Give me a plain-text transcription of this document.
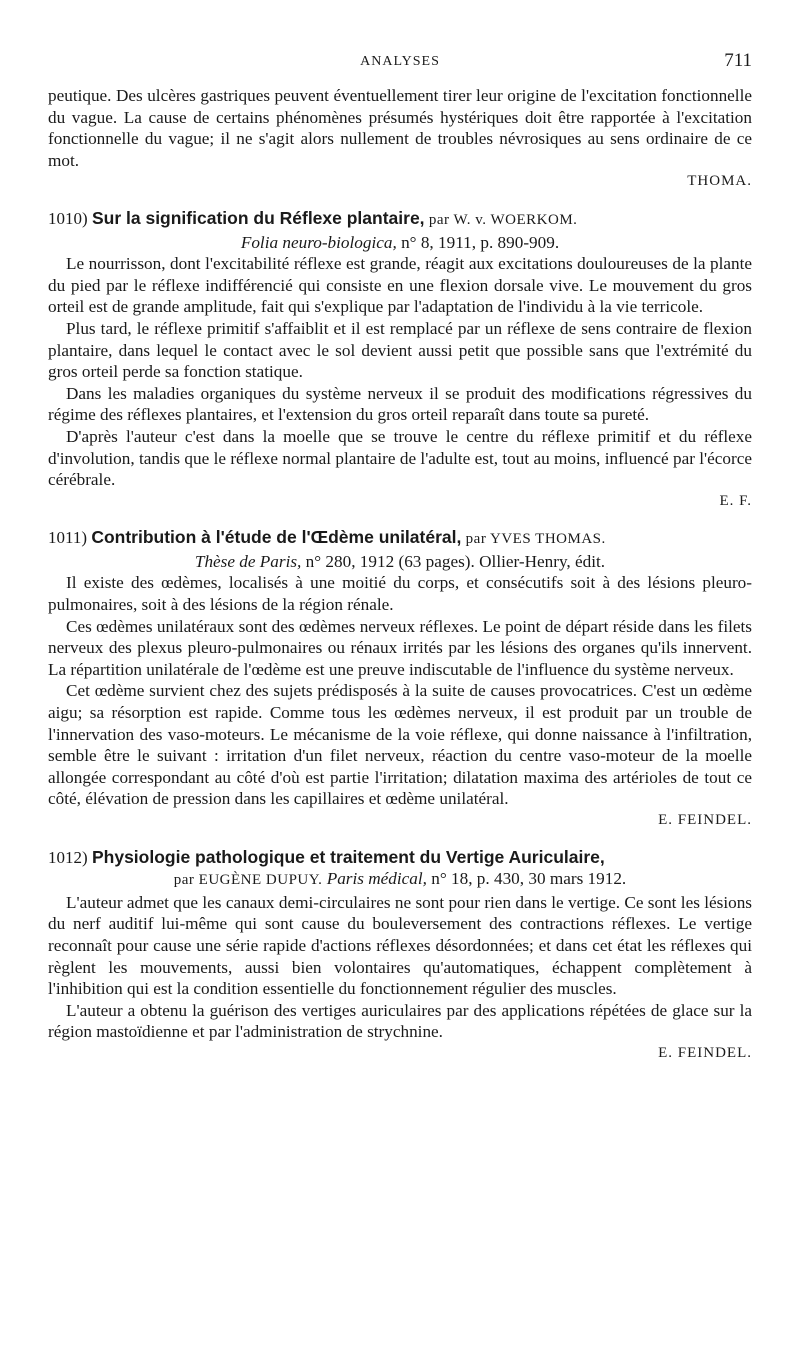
ANALYSES	711

peutique. Des ulcères gastriques peuvent éventuellement tirer leur origine de l'excitation fonctionnelle du vague. La cause de certains phénomènes présumés hystériques doit être rapportée à l'excitation fonctionnelle du vague; il ne s'agit alors nullement de troubles névrosiques au sens ordinaire de ce mot.

THOMA.

1010) Sur la signification du Réflexe plantaire, par W. v. WOERKOM.

Folia neuro-biologica, n° 8, 1911, p. 890-909.

Le nourrisson, dont l'excitabilité réflexe est grande, réagit aux excitations douloureuses de la plante du pied par le réflexe indifférencié qui consiste en une flexion dorsale vive. Le mouvement du gros orteil est de grande amplitude, fait qui s'explique par l'adaptation de l'individu à la vie terricole.

Plus tard, le réflexe primitif s'affaiblit et il est remplacé par un réflexe de sens contraire de flexion plantaire, dans lequel le contact avec le sol devient aussi petit que possible sans que l'extrémité du gros orteil perde sa fonction statique.

Dans les maladies organiques du système nerveux il se produit des modifications régressives du régime des réflexes plantaires, et l'extension du gros orteil reparaît dans toute sa pureté.

D'après l'auteur c'est dans la moelle que se trouve le centre du réflexe primitif et du réflexe d'involution, tandis que le réflexe normal plantaire de l'adulte est, tout au moins, influencé par l'écorce cérébrale.

E. F.

1011) Contribution à l'étude de l'Œdème unilatéral, par YVES THOMAS.

Thèse de Paris, n° 280, 1912 (63 pages). Ollier-Henry, édit.

Il existe des œdèmes, localisés à une moitié du corps, et consécutifs soit à des lésions pleuro-pulmonaires, soit à des lésions de la région rénale.

Ces œdèmes unilatéraux sont des œdèmes nerveux réflexes. Le point de départ réside dans les filets nerveux des plexus pleuro-pulmonaires ou rénaux irrités par les lésions des organes qu'ils innervent. La répartition unilatérale de l'œdème est une preuve indiscutable de l'influence du système nerveux.

Cet œdème survient chez des sujets prédisposés à la suite de causes provocatrices. C'est un œdème aigu; sa résorption est rapide. Comme tous les œdèmes nerveux, il est produit par un trouble de l'innervation des vaso-moteurs. Le mécanisme de la voie réflexe, qui donne naissance à l'infiltration, semble être le suivant : irritation d'un filet nerveux, réaction du centre vaso-moteur de la moelle allongée correspondant au côté d'où est partie l'irritation; dilatation maxima des artérioles de tout ce côté, élévation de pression dans les capillaires et œdème unilatéral.

E. FEINDEL.

1012) Physiologie pathologique et traitement du Vertige Auriculaire,

par EUGÈNE DUPUY. Paris médical, n° 18, p. 430, 30 mars 1912.

L'auteur admet que les canaux demi-circulaires ne sont pour rien dans le vertige. Ce sont les lésions du nerf auditif lui-même qui sont cause du bouleversement des contractions réflexes. Le vertige reconnaît pour cause une série rapide d'actions réflexes désordonnées; et dans cet état les réflexes qui règlent les mouvements, aussi bien volontaires qu'automatiques, échappent complètement à l'inhibition qui est la condition essentielle du fonctionnement régulier des muscles.

L'auteur a obtenu la guérison des vertiges auriculaires par des applications répétées de glace sur la région mastoïdienne et par l'administration de strychnine.

E. FEINDEL.
